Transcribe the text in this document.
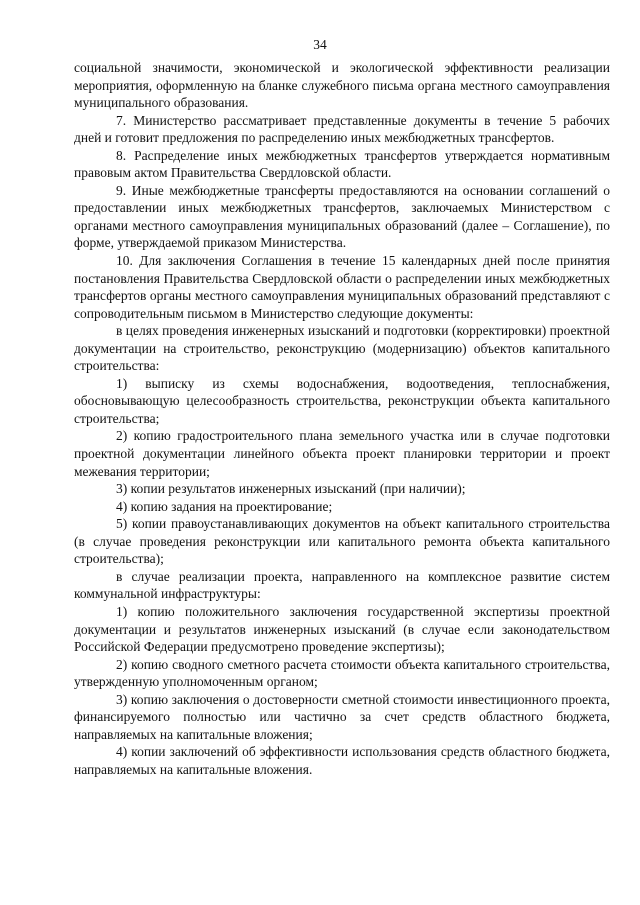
34

социальной значимости, экономической и экологической эффективности реализации мероприятия, оформленную на бланке служебного письма органа местного самоуправления муниципального образования.

7. Министерство рассматривает представленные документы в течение 5 рабочих дней и готовит предложения по распределению иных межбюджетных трансфертов.

8. Распределение иных межбюджетных трансфертов утверждается нормативным правовым актом Правительства Свердловской области.

9. Иные межбюджетные трансферты предоставляются на основании соглашений о предоставлении иных межбюджетных трансфертов, заключаемых Министерством с органами местного самоуправления муниципальных образований (далее – Соглашение), по форме, утверждаемой приказом Министерства.

10. Для заключения Соглашения в течение 15 календарных дней после принятия постановления Правительства Свердловской области о распределении иных межбюджетных трансфертов органы местного самоуправления муниципальных образований представляют с сопроводительным письмом в Министерство следующие документы:

в целях проведения инженерных изысканий и подготовки (корректировки) проектной документации на строительство, реконструкцию (модернизацию) объектов капитального строительства:

1) выписку из схемы водоснабжения, водоотведения, теплоснабжения, обосновывающую целесообразность строительства, реконструкции объекта капитального строительства;

2) копию градостроительного плана земельного участка или в случае подготовки проектной документации линейного объекта проект планировки территории и проект межевания территории;

3) копии результатов инженерных изысканий (при наличии);

4) копию задания на проектирование;

5) копии правоустанавливающих документов на объект капитального строительства (в случае проведения реконструкции или капитального ремонта объекта капитального строительства);

в случае реализации проекта, направленного на комплексное развитие систем коммунальной инфраструктуры:

1) копию положительного заключения государственной экспертизы проектной документации и результатов инженерных изысканий (в случае если законодательством Российской Федерации предусмотрено проведение экспертизы);

2) копию сводного сметного расчета стоимости объекта капитального строительства, утвержденную уполномоченным органом;

3) копию заключения о достоверности сметной стоимости инвестиционного проекта, финансируемого полностью или частично за счет средств областного бюджета, направляемых на капитальные вложения;

4) копии заключений об эффективности использования средств областного бюджета, направляемых на капитальные вложения.
